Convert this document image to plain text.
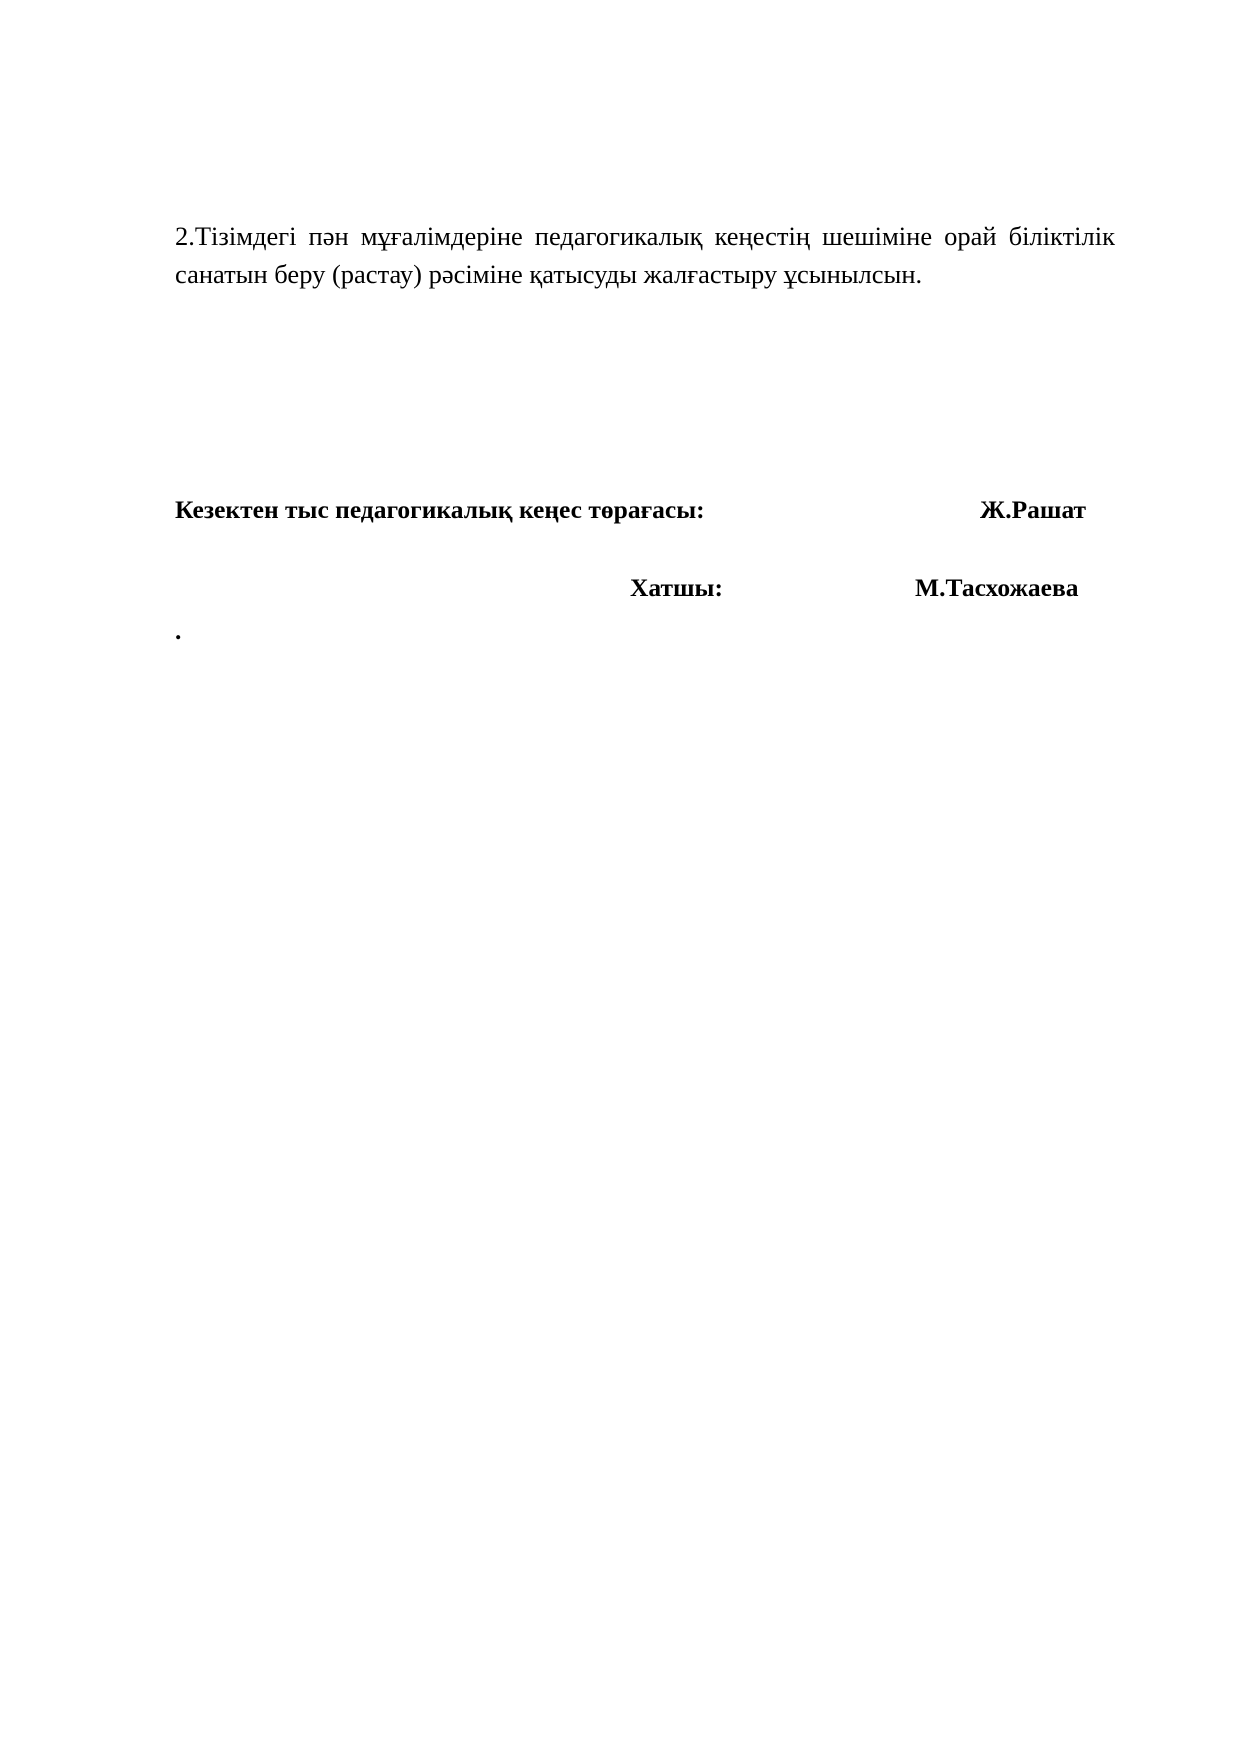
2.Тізімдегі пән мұғалімдеріне педагогикалық кеңестің шешіміне орай біліктілік санатын беру (растау) рәсіміне қатысуды жалғастыру ұсынылсын.

Кезектен тыс педагогикалық кеңес төрағасы:	Ж.Рашат
Хатшы:	М.Тасхожаева
.
